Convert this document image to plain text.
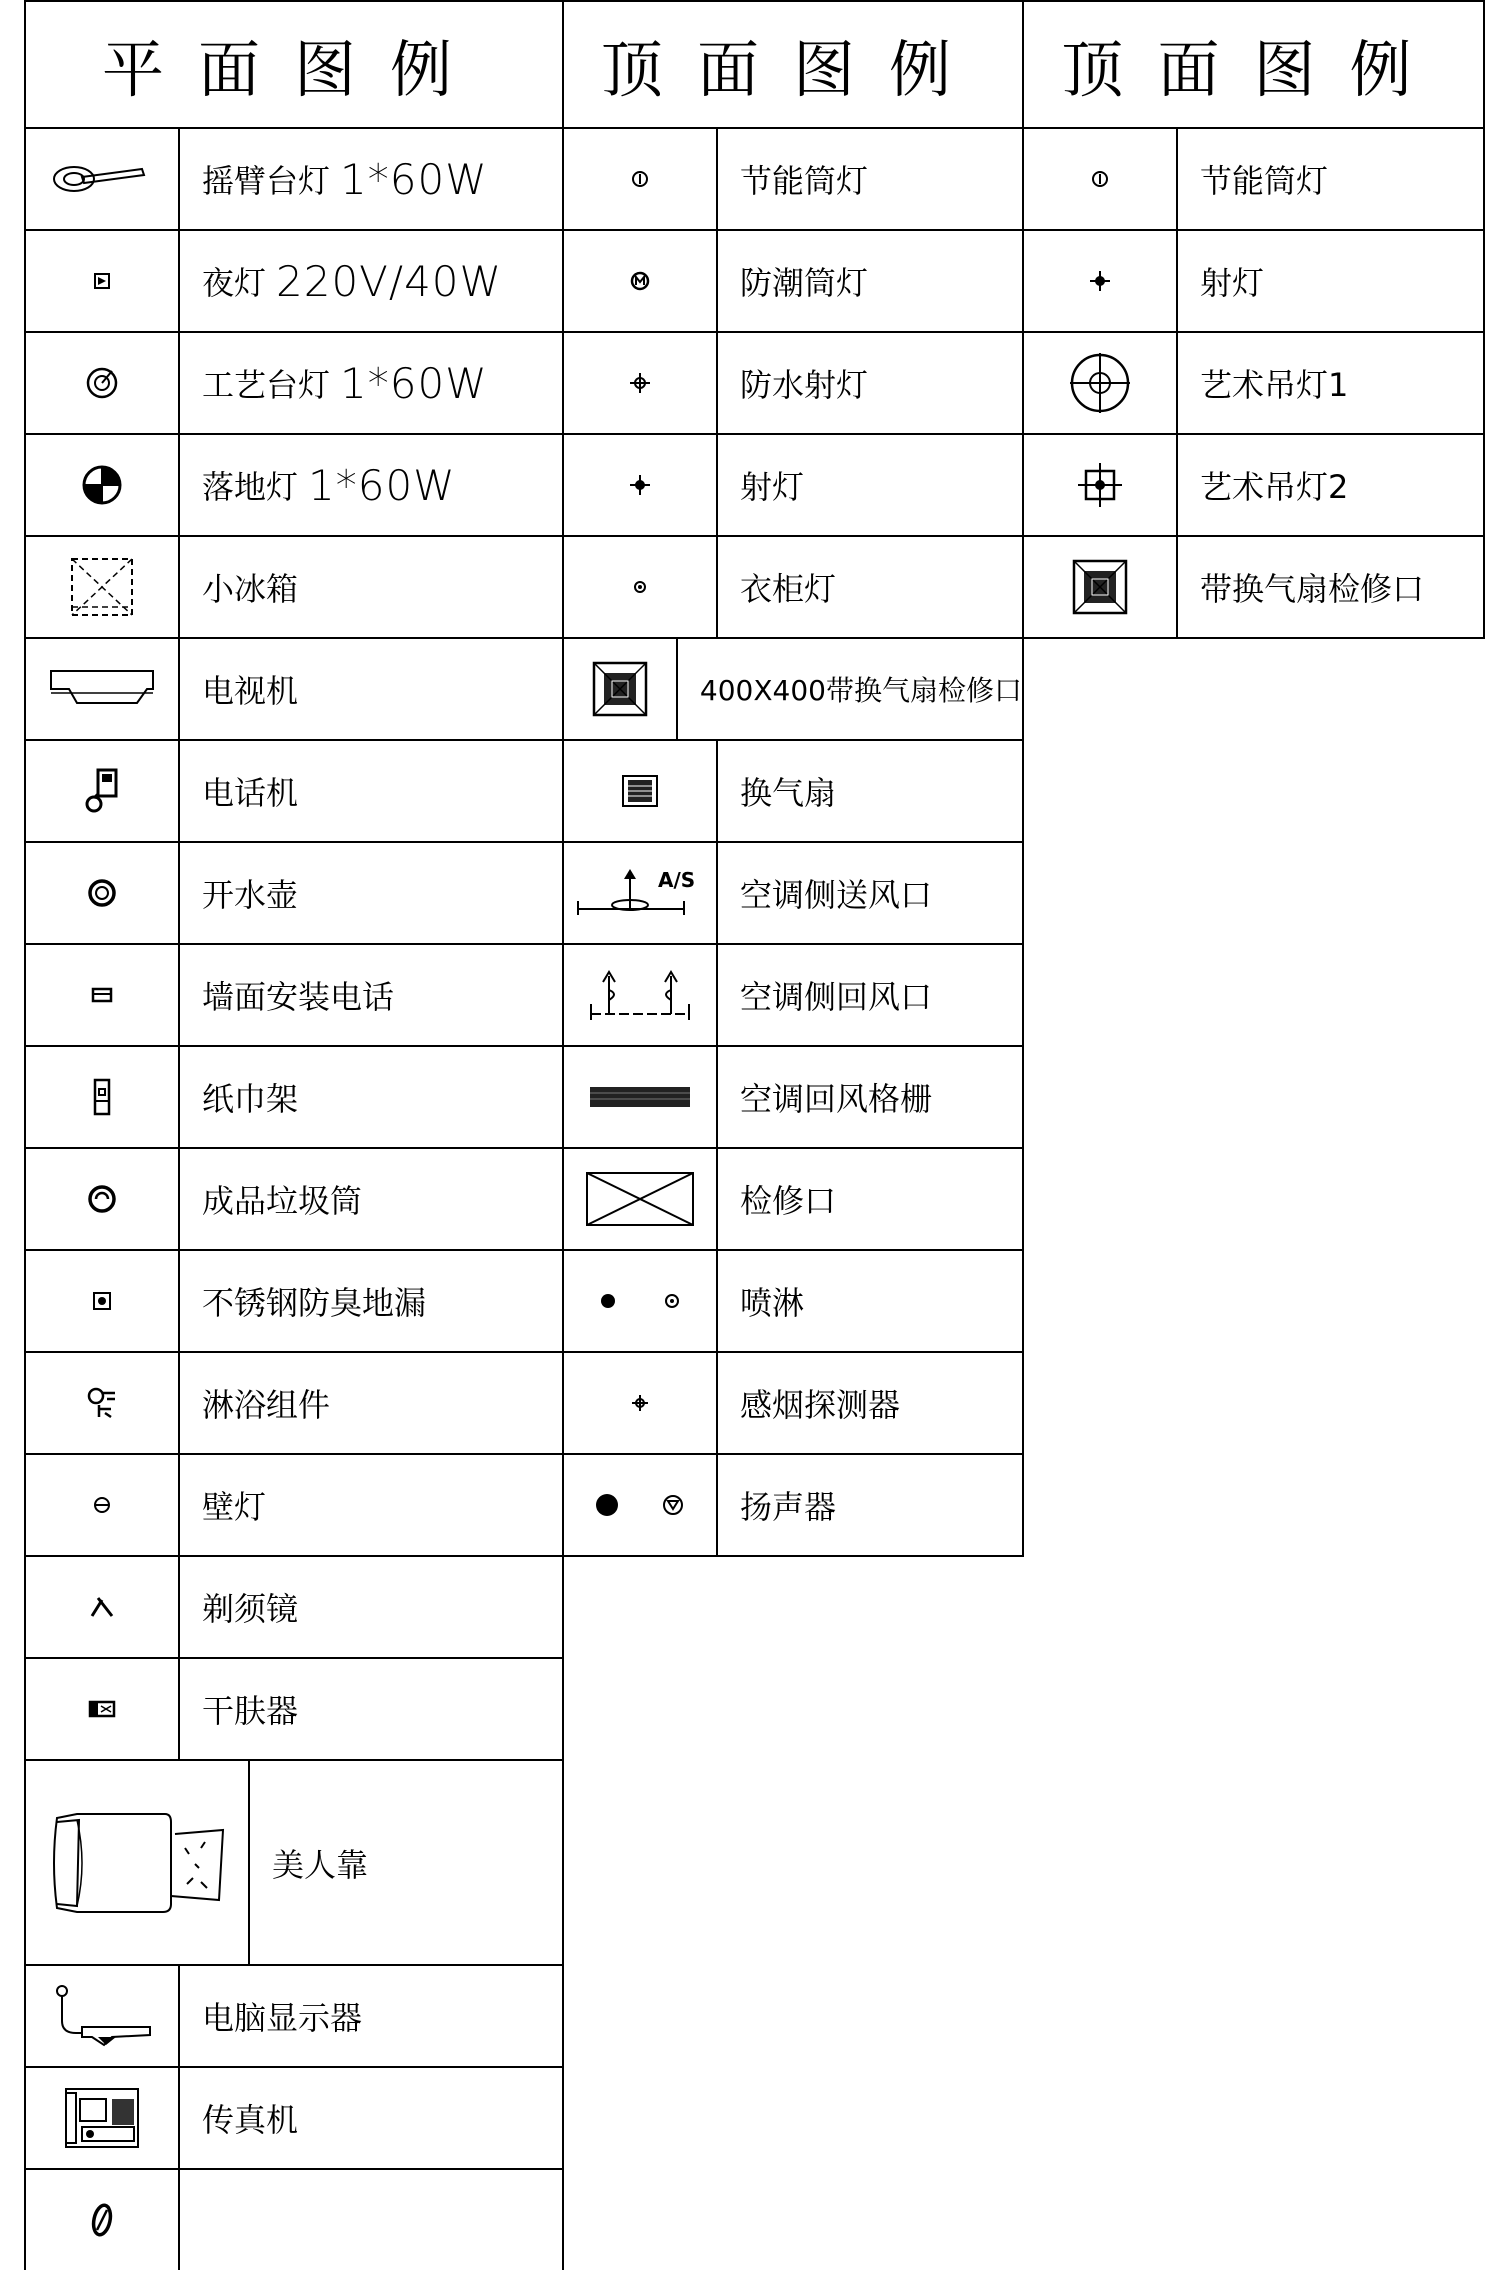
平面图例
摇臂台灯 1*60W
夜灯 220V/40W
工艺台灯 1*60W
落地灯 1*60W
小冰箱
电视机
电话机
开水壶
墙面安装电话
纸巾架
成品垃圾筒
不锈钢防臭地漏
淋浴组件
壁灯
剃须镜
干肤器
美人靠
电脑显示器
传真机
顶面图例
节能筒灯
防潮筒灯
防水射灯
射灯
衣柜灯
400X400带换气扇检修口
换气扇
A/S 空调侧送风口
空调侧回风口
空调回风格栅
检修口
喷淋
感烟探测器
扬声器
顶面图例
节能筒灯
射灯
艺术吊灯1
艺术吊灯2
带换气扇检修口
